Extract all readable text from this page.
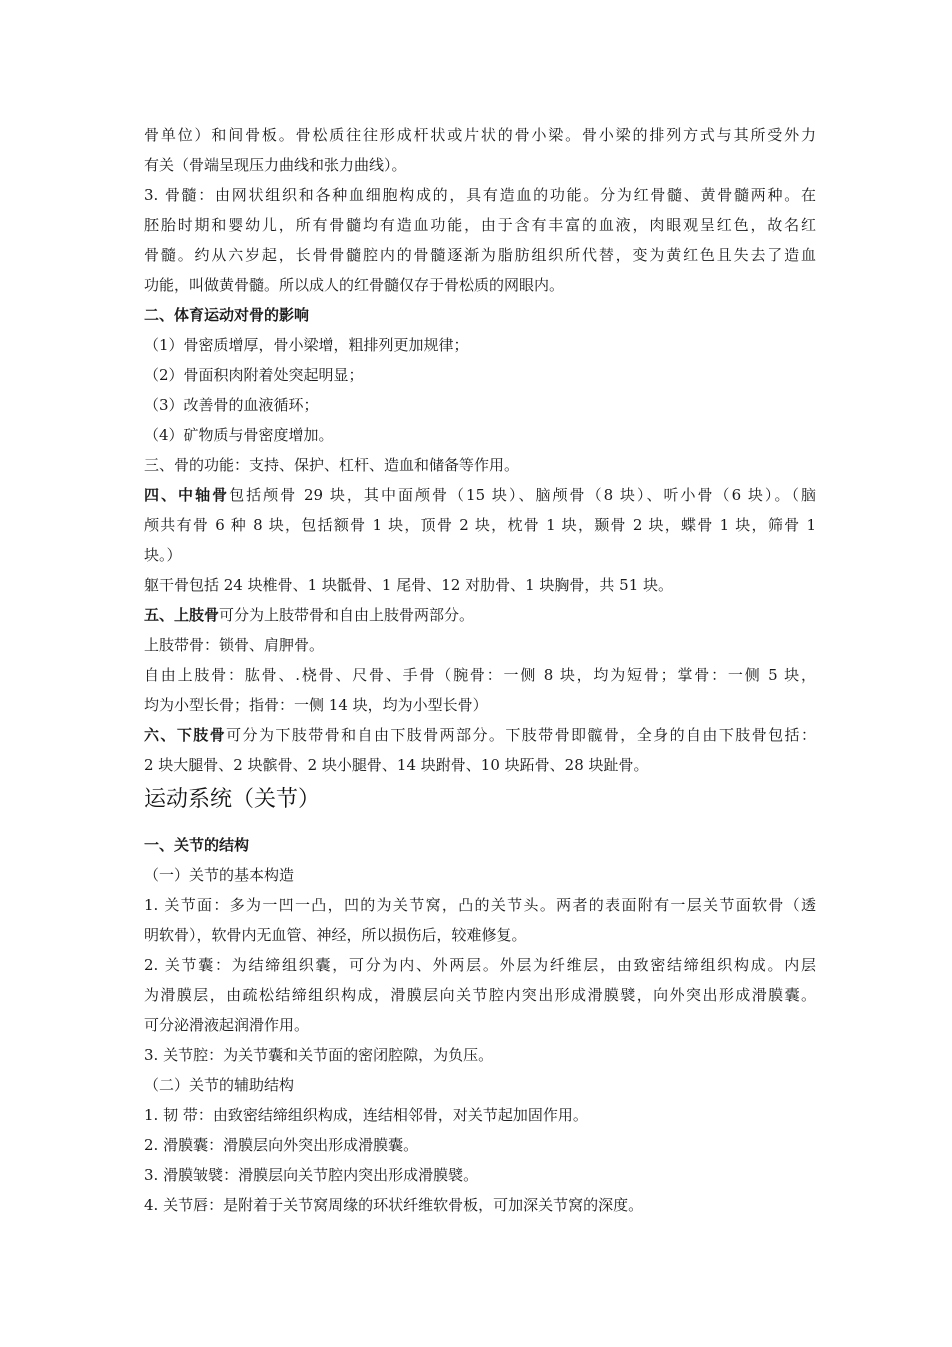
骨单位）和间骨板。骨松质往往形成杆状或片状的骨小梁。骨小梁的排列方式与其所受外力
有关（骨端呈现压力曲线和张力曲线）。
3. 骨髓：由网状组织和各种血细胞构成的，具有造血的功能。分为红骨髓、黄骨髓两种。在
胚胎时期和婴幼儿，所有骨髓均有造血功能，由于含有丰富的血液，肉眼观呈红色，故名红
骨髓。约从六岁起，长骨骨髓腔内的骨髓逐渐为脂肪组织所代替，变为黄红色且失去了造血
功能，叫做黄骨髓。所以成人的红骨髓仅存于骨松质的网眼内。
二、体育运动对骨的影响
（1）骨密质增厚，骨小梁增，粗排列更加规律；
（2）骨面积肉附着处突起明显；
（3）改善骨的血液循环；
（4）矿物质与骨密度增加。
三、骨的功能：支持、保护、杠杆、造血和储备等作用。
四、中轴骨包括颅骨 29 块，其中面颅骨（15 块）、脑颅骨（8 块）、听小骨（6 块）。（脑
颅共有骨 6 种 8 块，包括额骨 1 块，顶骨 2 块，枕骨 1 块，颞骨 2 块，蝶骨 1 块，筛骨 1
块。）
躯干骨包括 24 块椎骨、1 块骶骨、1 尾骨、12 对肋骨、1 块胸骨，共 51 块。
五、上肢骨可分为上肢带骨和自由上肢骨两部分。
上肢带骨：锁骨、肩胛骨。
自由上肢骨：肱骨、.桡骨、尺骨、手骨（腕骨：一侧 8 块，均为短骨；掌骨：一侧 5 块，
均为小型长骨；指骨：一侧 14 块，均为小型长骨）
六、下肢骨可分为下肢带骨和自由下肢骨两部分。下肢带骨即髋骨，全身的自由下肢骨包括：
2 块大腿骨、2 块髌骨、2 块小腿骨、14 块跗骨、10 块跖骨、28 块趾骨。
运动系统（关节）
一、关节的结构
（一）关节的基本构造
1. 关节面：多为一凹一凸，凹的为关节窝，凸的关节头。两者的表面附有一层关节面软骨（透
明软骨），软骨内无血管、神经，所以损伤后，较难修复。
2. 关节囊：为结缔组织囊，可分为内、外两层。外层为纤维层，由致密结缔组织构成。内层
为滑膜层，由疏松结缔组织构成，滑膜层向关节腔内突出形成滑膜襞，向外突出形成滑膜囊。
可分泌滑液起润滑作用。
3. 关节腔：为关节囊和关节面的密闭腔隙，为负压。
（二）关节的辅助结构
1. 韧 带：由致密结缔组织构成，连结相邻骨，对关节起加固作用。
2. 滑膜囊：滑膜层向外突出形成滑膜囊。
3. 滑膜皱襞：滑膜层向关节腔内突出形成滑膜襞。
4. 关节唇：是附着于关节窝周缘的环状纤维软骨板，可加深关节窝的深度。
